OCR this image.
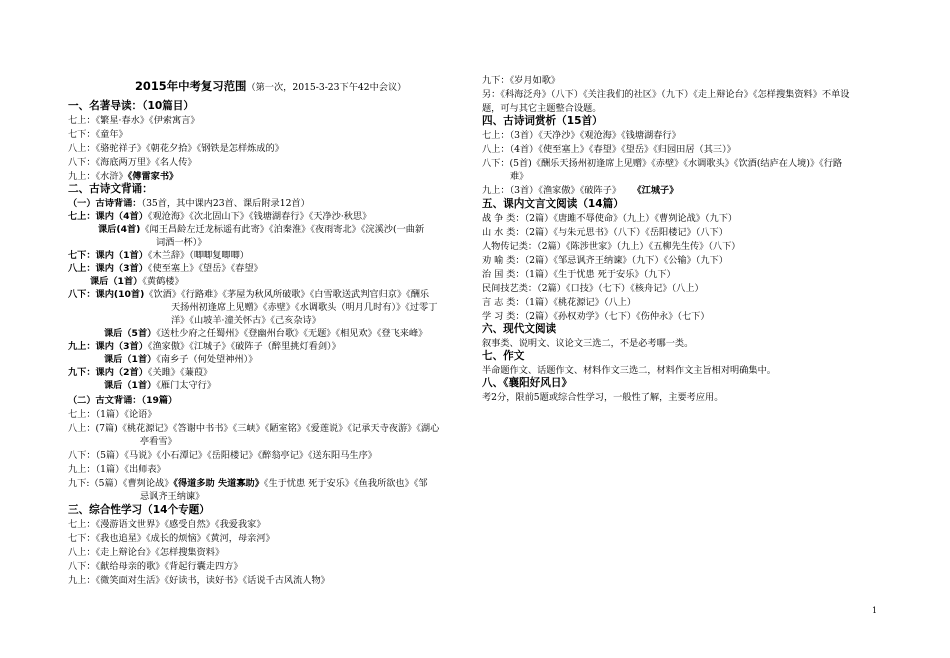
2015年中考复习范围（第一次，2015-3-23下午42中会议）
一、名著导读：（10篇目）
七上：《繁星·春水》《伊索寓言》
七下：《童年》
八上：《骆驼祥子》《朝花夕拾》《钢铁是怎样炼成的》
八下：《海底两万里》《名人传》
九上：《水浒》《傅雷家书》
二、古诗文背诵：
（一）古诗背诵：（35首，其中课内23首、课后附录12首）
七上：课内（4首）《观沧海》《次北固山下》《钱塘湖春行》《天净沙·秋思》
课后(4首)《闻王昌龄左迁龙标遥有此寄》《泊秦淮》《夜雨寄北》《浣溪沙(一曲新
词酒一杯）》
七下：课内（1首）《木兰辞》（唧唧复唧唧）
八上：课内（3首）《使至塞上》《望岳》《春望》
课后（1首）《黄鹤楼》
八下：课内(10首)《饮酒》《行路难》《茅屋为秋风所破歌》《白雪歌送武判官归京》《酬乐
天扬州初逢席上见赠》《赤壁》《水调歌头（明月几时有）》《过零丁
洋》《山坡羊·潼关怀古》《己亥杂诗》
课后（5首）《送杜少府之任蜀州》《登幽州台歌》《无题》《相见欢》《登飞来峰》
九上：课内（3首）《渔家傲》《江城子》《破阵子（醉里挑灯看剑）》
课后（1首）《南乡子（何处望神州）》
九下：课内（2首）《关雎》《蒹葭》
课后（1首）《雁门太守行》
（二）古文背诵：（19篇）
七上：（1篇）《论语》
八上：(7篇)《桃花源记》《答谢中书书》《三峡》《陋室铭》《爱莲说》《记承天寺夜游》《湖心
亭看雪》
八下：（5篇）《马说》《小石潭记》《岳阳楼记》《醉翁亭记》《送东阳马生序》
九上：（1篇）《出师表》
九下:（5篇）《曹刿论战》《得道多助 失道寡助》《生于忧患 死于安乐》《鱼我所欲也》《邹
忌讽齐王纳谏》
三、综合性学习（14个专题）
七上：《漫游语文世界》《感受自然》《我爱我家》
七下：《我也追星》《成长的烦恼》《黄河，母亲河》
八上：《走上辩论台》《怎样搜集资料》
八下：《献给母亲的歌》《背起行囊走四方》
九上：《微笑面对生活》《好读书，读好书》《话说千古风流人物》
九下：《岁月如歌》
另：《科海泛舟》（八下）《关注我们的社区》（九下）《走上辩论台》《怎样搜集资料》不单设
题，可与其它主题整合设题。
四、古诗词赏析（15首）
七上：（3首）《天净沙》《观沧海》《钱塘湖春行》
八上：（4首）《使至塞上》《春望》《望岳》《归园田居（其三）》
八下：(5首)《酬乐天扬州初逢席上见赠》《赤壁》《水调歌头》《饮酒(结庐在人境)》《行路
难》
九上：（3首）《渔家傲》《破阵子》 《江城子》
五、课内文言文阅读（14篇）
战 争 类：（2篇）《唐雎不辱使命》（九上）《曹刿论战》（九下）
山 水 类：（2篇）《与朱元思书》（八下）《岳阳楼记》（八下）
人物传记类：（2篇）《陈涉世家》（九上）《五柳先生传》（八下）
劝 喻 类：（2篇）《邹忌讽齐王纳谏》（九下）《公输》（九下）
治 国 类：（1篇）《生于忧患 死于安乐》（九下）
民间技艺类：（2篇）《口技》（七下）《核舟记》（八上）
言 志 类：（1篇）《桃花源记》（八上）
学 习 类：（2篇）《孙权劝学》（七下）《伤仲永》（七下）
六、现代文阅读
叙事类、说明文、议论文三选二，不是必考哪一类。
七、作文
半命题作文、话题作文、材料作文三选二，材料作文主旨相对明确集中。
八、《襄阳好风日》
考2分，限前5题或综合性学习，一般性了解，主要考应用。
1
